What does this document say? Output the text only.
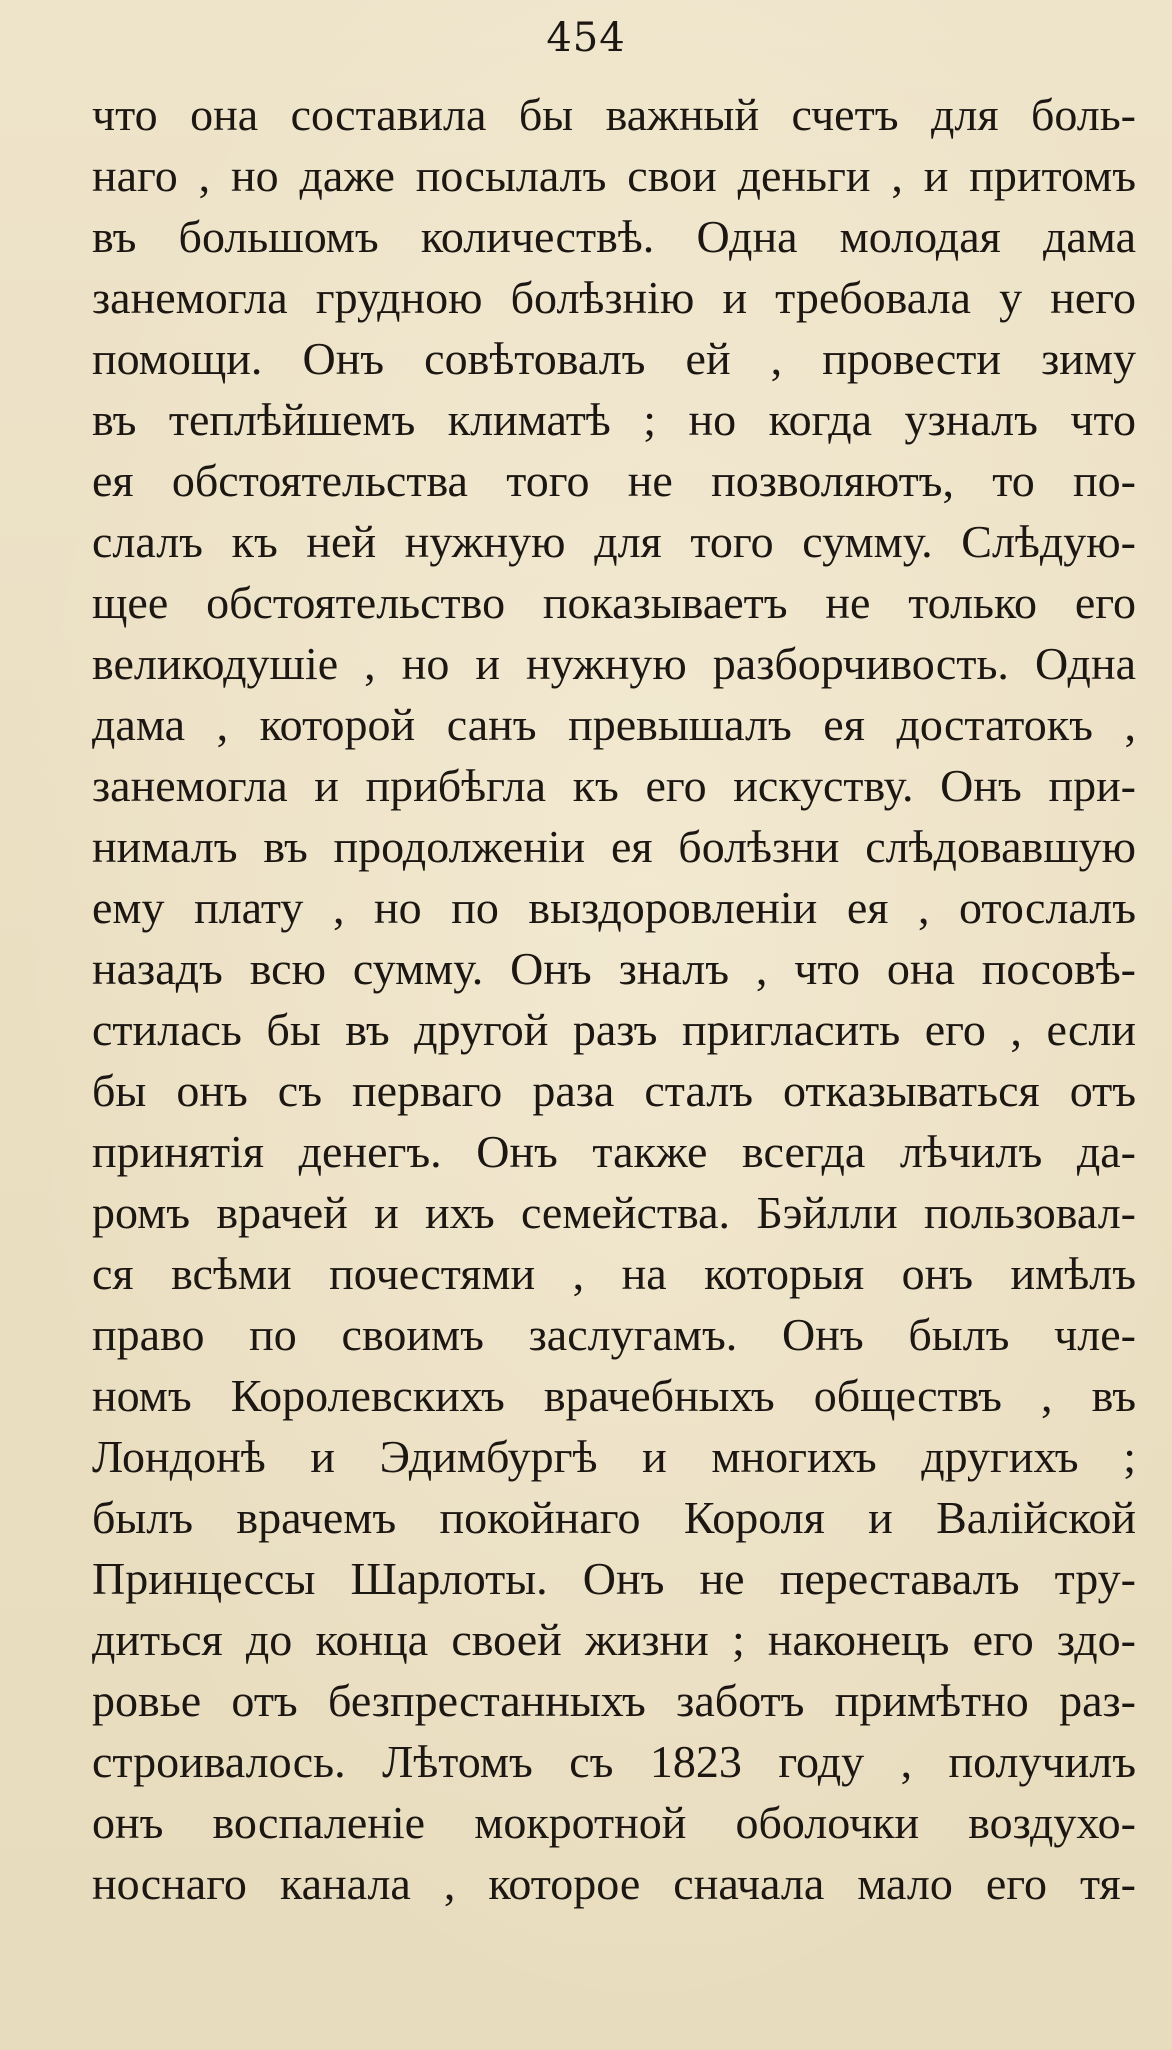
454
что она составила бы важный счетъ для боль-
наго , но даже посылалъ свои деньги , и притомъ
въ большомъ количествѣ. Одна молодая дама
занемогла грудною болѣзнію и требовала у него
помощи. Онъ совѣтовалъ ей , провести зиму
въ теплѣйшемъ климатѣ ; но когда узналъ что
ея обстоятельства того не позволяютъ, то по-
слалъ къ ней нужную для того сумму. Слѣдую-
щее обстоятельство показываетъ не только его
великодушіе , но и нужную разборчивость. Одна
дама , которой санъ превышалъ ея достатокъ ,
занемогла и прибѣгла къ его искуству. Онъ при-
нималъ въ продолженіи ея болѣзни слѣдовавшую
ему плату , но по выздоровленіи ея , отослалъ
назадъ всю сумму. Онъ зналъ , что она посовѣ-
стилась бы въ другой разъ пригласить его , если
бы онъ съ перваго раза сталъ отказываться отъ
принятія денегъ. Онъ также всегда лѣчилъ да-
ромъ врачей и ихъ семейства. Бэйлли пользовал-
ся всѣми почестями , на которыя онъ имѣлъ
право по своимъ заслугамъ. Онъ былъ чле-
номъ Королевскихъ врачебныхъ обществъ , въ
Лондонѣ и Эдимбургѣ и многихъ другихъ ;
былъ врачемъ покойнаго Короля и Валійской
Принцессы Шарлоты. Онъ не переставалъ тру-
диться до конца своей жизни ; наконецъ его здо-
ровье отъ безпрестанныхъ заботъ примѣтно раз-
строивалось. Лѣтомъ съ 1823 году , получилъ
онъ воспаленіе мокротной оболочки воздухо-
носнаго канала , которое сначала мало его тя-
